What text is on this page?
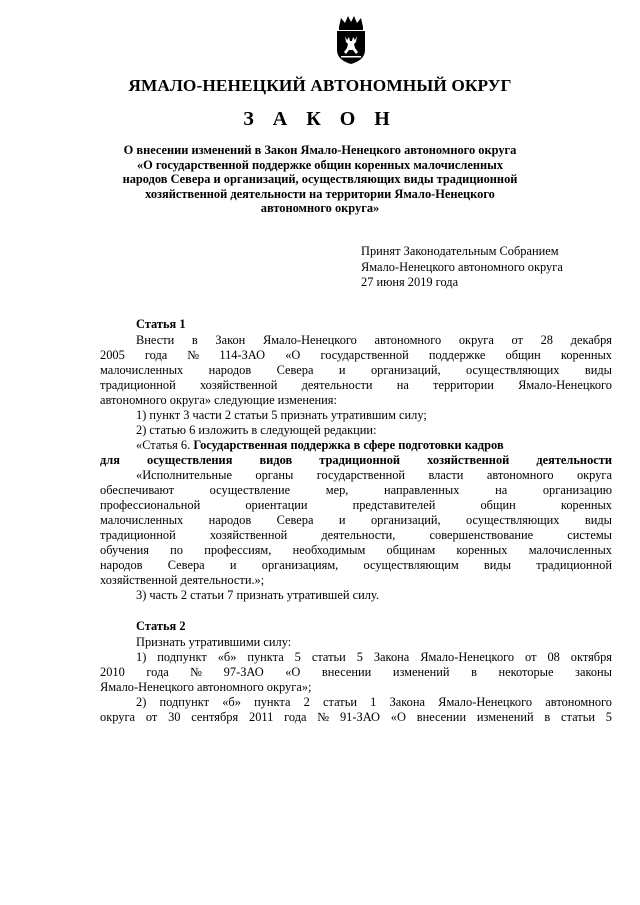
ЯМАЛО-НЕНЕЦКИЙ АВТОНОМНЫЙ ОКРУГ
З А К О Н
О внесении изменений в Закон Ямало-Ненецкого автономного округа
«О государственной поддержке общин коренных малочисленных
народов Севера и организаций, осуществляющих виды традиционной
хозяйственной деятельности на территории Ямало-Ненецкого
автономного округа»
Принят Законодательным Собранием
Ямало-Ненецкого автономного округа
27 июня 2019 года
Статья 1
Внести в Закон Ямало-Ненецкого автономного округа от 28 декабря
2005 года № 114-ЗАО «О государственной поддержке общин коренных
малочисленных народов Севера и организаций, осуществляющих виды
традиционной хозяйственной деятельности на территории Ямало-Ненецкого
автономного округа» следующие изменения:
1) пункт 3 части 2 статьи 5 признать утратившим силу;
2) статью 6 изложить в следующей редакции:
«Статья 6. Государственная поддержка в сфере подготовки кадров
для осуществления видов традиционной хозяйственной деятельности
«Исполнительные органы государственной власти автономного округа
обеспечивают осуществление мер, направленных на организацию
профессиональной ориентации представителей общин коренных
малочисленных народов Севера и организаций, осуществляющих виды
традиционной хозяйственной деятельности, совершенствование системы
обучения по профессиям, необходимым общинам коренных малочисленных
народов Севера и организациям, осуществляющим виды традиционной
хозяйственной деятельности.»;
3) часть 2 статьи 7 признать утратившей силу.
Статья 2
Признать утратившими силу:
1) подпункт «б» пункта 5 статьи 5 Закона Ямало-Ненецкого от 08 октября
2010 года № 97-ЗАО «О внесении изменений в некоторые законы
Ямало-Ненецкого автономного округа»;
2) подпункт «б» пункта 2 статьи 1 Закона Ямало-Ненецкого автономного
округа от 30 сентября 2011 года № 91-ЗАО «О внесении изменений в статьи 5
